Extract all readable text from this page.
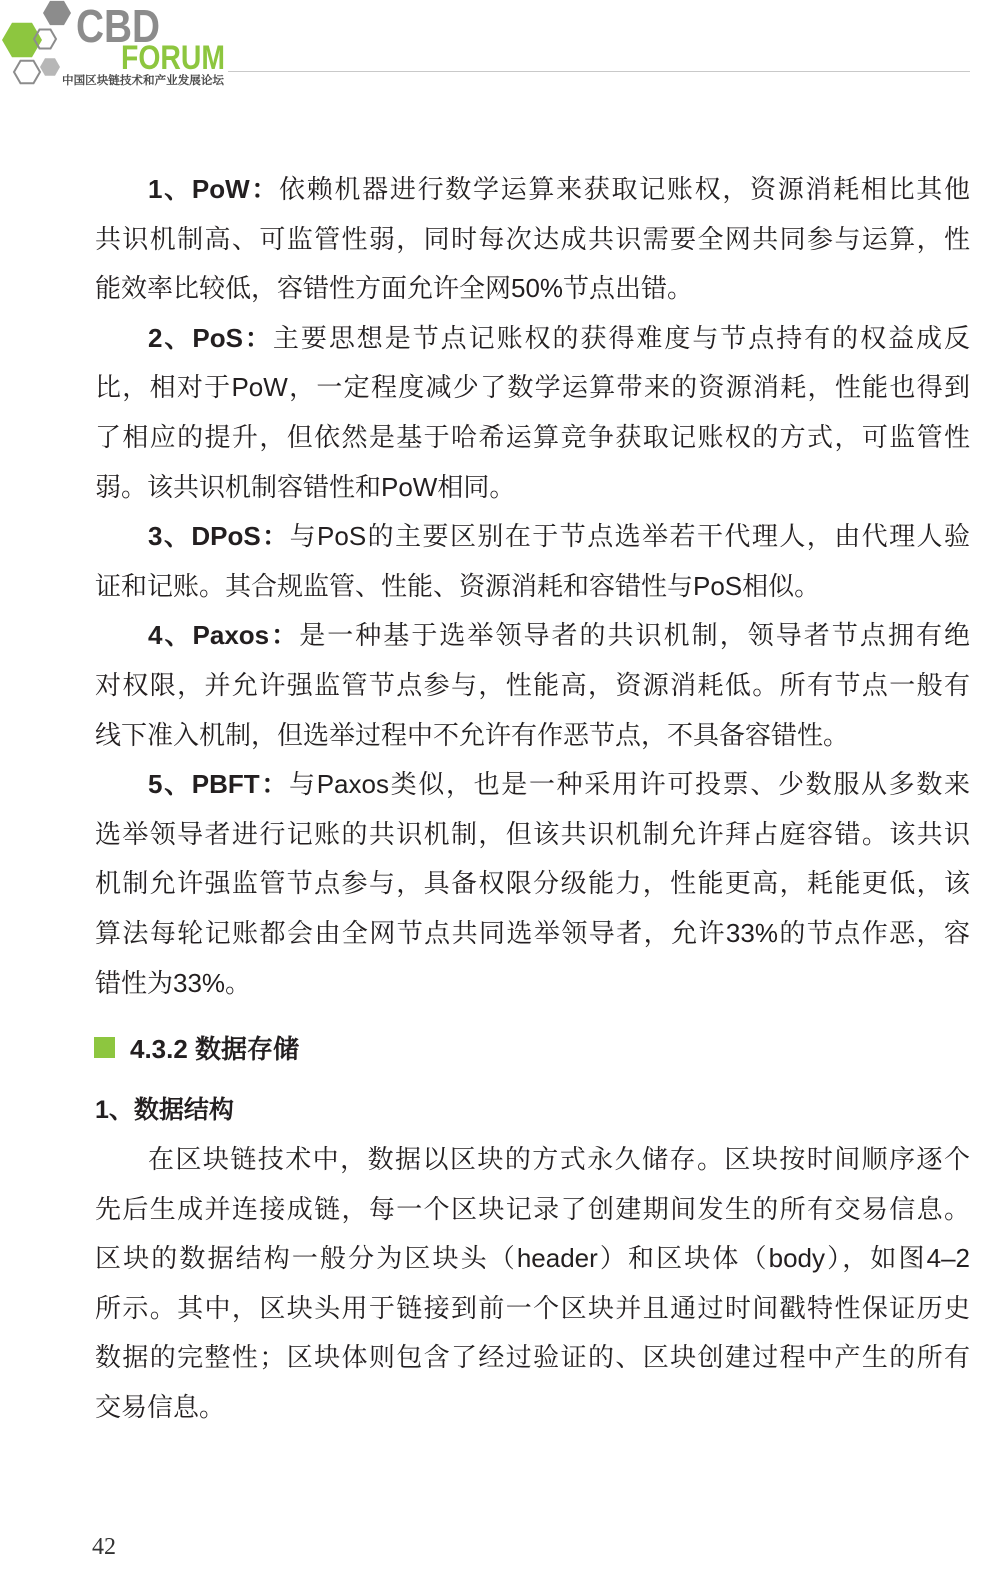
CBD
FORUM
中国区块链技术和产业发展论坛
1、PoW：依赖机器进行数学运算来获取记账权，资源消耗相比其他
共识机制高、可监管性弱，同时每次达成共识需要全网共同参与运算，性
能效率比较低，容错性方面允许全网50%节点出错。
2、PoS：主要思想是节点记账权的获得难度与节点持有的权益成反
比，相对于PoW，一定程度减少了数学运算带来的资源消耗，性能也得到
了相应的提升，但依然是基于哈希运算竞争获取记账权的方式，可监管性
弱。该共识机制容错性和PoW相同。
3、DPoS：与PoS的主要区别在于节点选举若干代理人，由代理人验
证和记账。其合规监管、性能、资源消耗和容错性与PoS相似。
4、Paxos：是一种基于选举领导者的共识机制，领导者节点拥有绝
对权限，并允许强监管节点参与，性能高，资源消耗低。所有节点一般有
线下准入机制，但选举过程中不允许有作恶节点，不具备容错性。
5、PBFT：与Paxos类似，也是一种采用许可投票、少数服从多数来
选举领导者进行记账的共识机制，但该共识机制允许拜占庭容错。该共识
机制允许强监管节点参与，具备权限分级能力，性能更高，耗能更低，该
算法每轮记账都会由全网节点共同选举领导者，允许33%的节点作恶，容
错性为33%。
4.3.2 数据存储
1、数据结构
在区块链技术中，数据以区块的方式永久储存。区块按时间顺序逐个
先后生成并连接成链，每一个区块记录了创建期间发生的所有交易信息。
区块的数据结构一般分为区块头（header）和区块体（body），如图4–2
所示。其中，区块头用于链接到前一个区块并且通过时间戳特性保证历史
数据的完整性；区块体则包含了经过验证的、区块创建过程中产生的所有
交易信息。
42
